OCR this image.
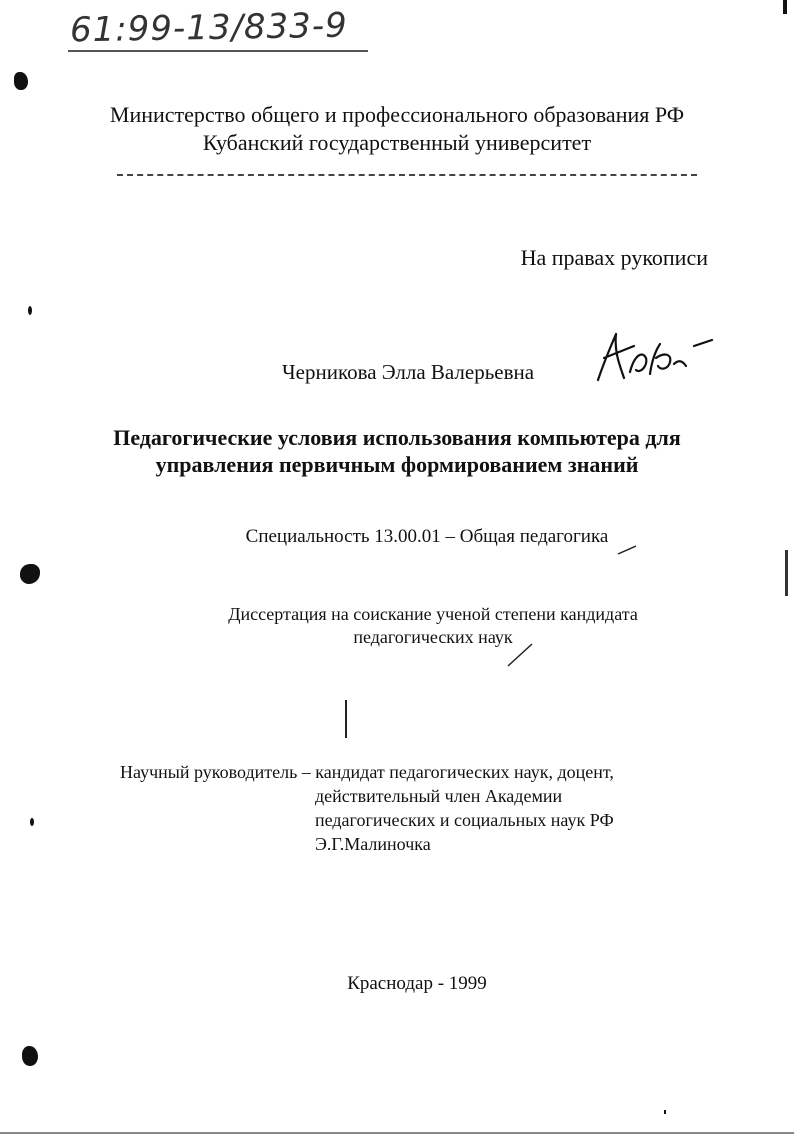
61:99-13/833-9
Министерство общего и профессионального образования РФ
Кубанский государственный университет
На правах рукописи
Черникова Элла Валерьевна
Педагогические условия использования компьютера для
управления первичным формированием знаний
Специальность 13.00.01 – Общая педагогика
Диссертация на соискание ученой степени кандидата
педагогических наук
Научный руководитель – кандидат педагогических наук, доцент,
действительный член Академии
педагогических и социальных наук РФ
Э.Г.Малиночка
Краснодар - 1999
